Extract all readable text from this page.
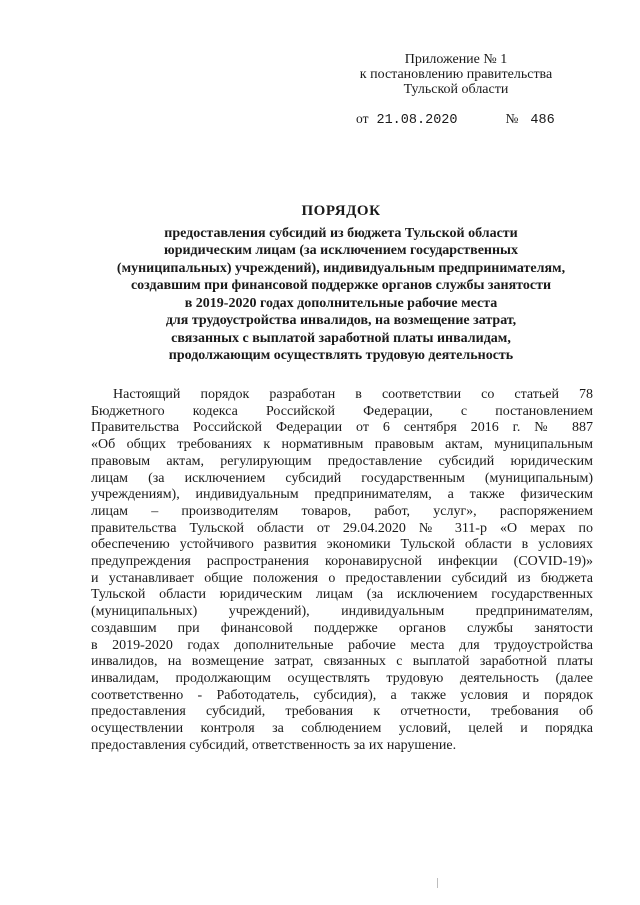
Приложение № 1
к постановлению правительства
Тульской области
от 21.08.2020	№ 486
ПОРЯДОК
предоставления субсидий из бюджета Тульской области
юридическим лицам (за исключением государственных
(муниципальных) учреждений), индивидуальным предпринимателям,
создавшим при финансовой поддержке органов службы занятости
в 2019-2020 годах дополнительные рабочие места
для трудоустройства инвалидов, на возмещение затрат,
связанных с выплатой заработной платы инвалидам,
продолжающим осуществлять трудовую деятельность
Настоящий порядок разработан в соответствии со статьей 78
Бюджетного кодекса Российской Федерации, с постановлением
Правительства Российской Федерации от 6 сентября 2016 г. № 887
«Об общих требованиях к нормативным правовым актам, муниципальным
правовым актам, регулирующим предоставление субсидий юридическим
лицам (за исключением субсидий государственным (муниципальным)
учреждениям), индивидуальным предпринимателям, а также физическим
лицам – производителям товаров, работ, услуг», распоряжением
правительства Тульской области от 29.04.2020 № 311-р «О мерах по
обеспечению устойчивого развития экономики Тульской области в условиях
предупреждения распространения коронавирусной инфекции (COVID-19)»
и устанавливает общие положения о предоставлении субсидий из бюджета
Тульской области юридическим лицам (за исключением государственных
(муниципальных) учреждений), индивидуальным предпринимателям,
создавшим при финансовой поддержке органов службы занятости
в 2019-2020 годах дополнительные рабочие места для трудоустройства
инвалидов, на возмещение затрат, связанных с выплатой заработной платы
инвалидам, продолжающим осуществлять трудовую деятельность (далее
соответственно - Работодатель, субсидия), а также условия и порядок
предоставления субсидий, требования к отчетности, требования об
осуществлении контроля за соблюдением условий, целей и порядка
предоставления субсидий, ответственность за их нарушение.
